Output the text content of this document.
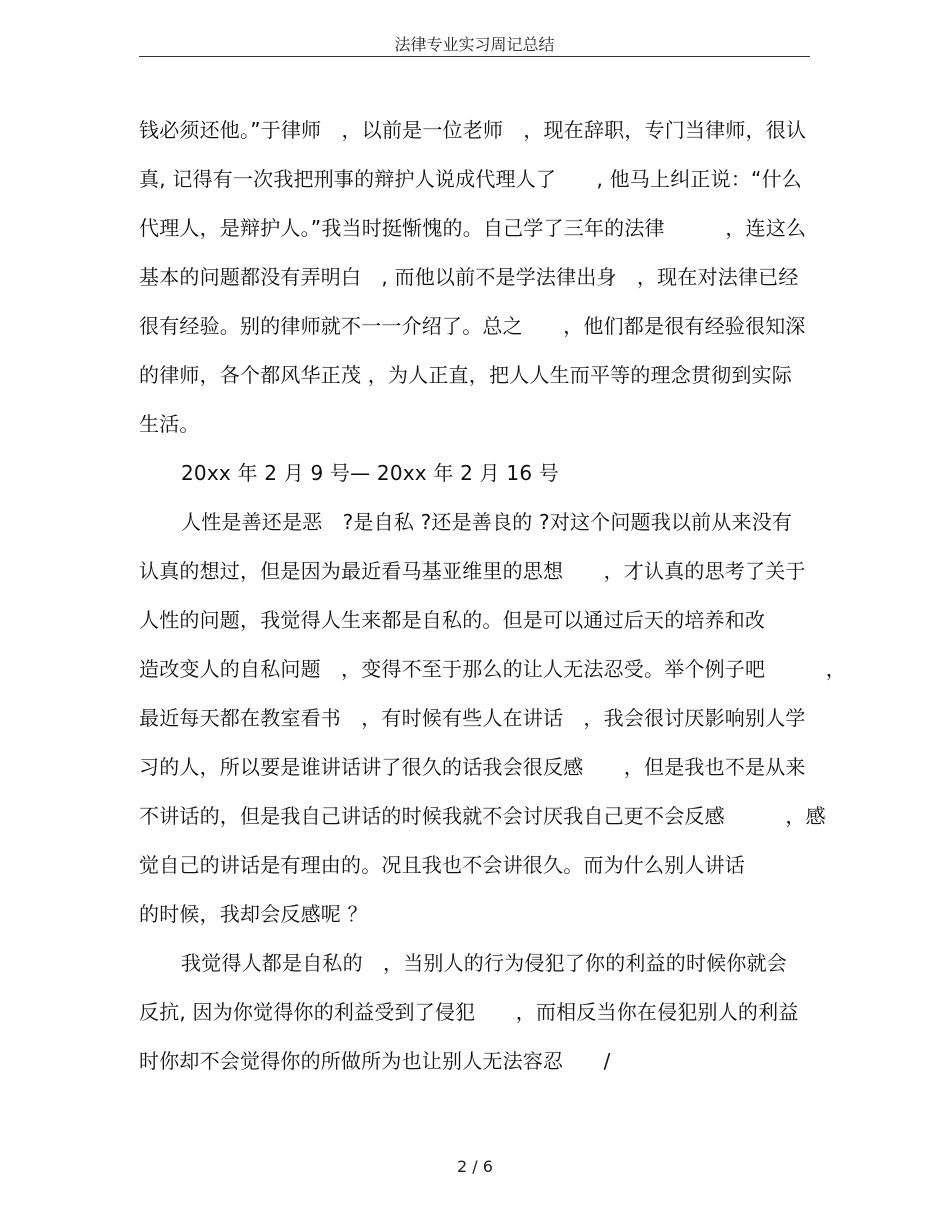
法律专业实习周记总结
钱必须还他。”于律师　，以前是一位老师　，现在辞职，专门当律师，很认
真, 记得有一次我把刑事的辩护人说成代理人了　　, 他马上纠正说：“什么
代理人，是辩护人。”我当时挺惭愧的。自己学了三年的法律　　　，连这么
基本的问题都没有弄明白　, 而他以前不是学法律出身　，现在对法律已经
很有经验。别的律师就不一一介绍了。总之　　，他们都是很有经验很知深
的律师，各个都风华正茂 ，为人正直，把人人生而平等的理念贯彻到实际
生活。
20xx 年 2 月 9 号— 20xx 年 2 月 16 号
人性是善还是恶　?是自私 ?还是善良的 ?对这个问题我以前从来没有
认真的想过，但是因为最近看马基亚维里的思想　　，才认真的思考了关于
人性的问题，我觉得人生来都是自私的。但是可以通过后天的培养和改
造改变人的自私问题　，变得不至于那么的让人无法忍受。举个例子吧　　　，
最近每天都在教室看书　，有时候有些人在讲话　，我会很讨厌影响别人学
习的人，所以要是谁讲话讲了很久的话我会很反感　　，但是我也不是从来
不讲话的，但是我自己讲话的时候我就不会讨厌我自己更不会反感　　　，感
觉自己的讲话是有理由的。况且我也不会讲很久。而为什么别人讲话
的时候，我却会反感呢 ？
我觉得人都是自私的　，当别人的行为侵犯了你的利益的时候你就会
反抗, 因为你觉得你的利益受到了侵犯　　，而相反当你在侵犯别人的利益
时你却不会觉得你的所做所为也让别人无法容忍　　/
2 / 6
